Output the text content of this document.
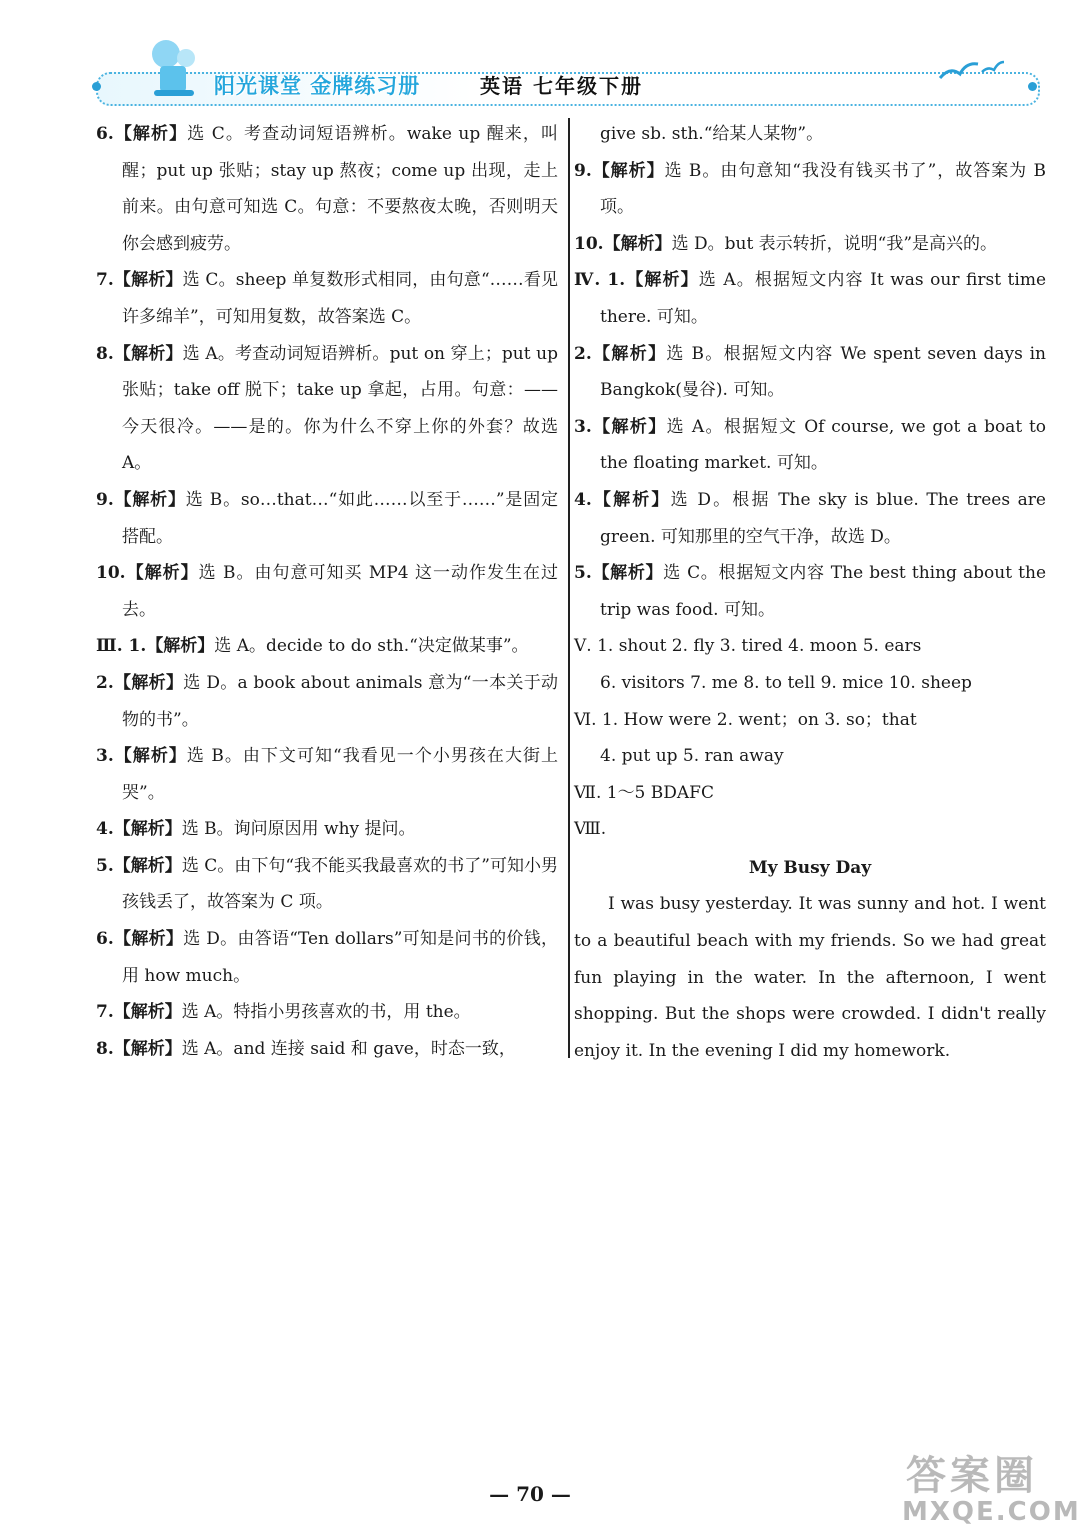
阳光课堂 金牌练习册	英语 七年级下册

6.【解析】选 C。考查动词短语辨析。wake up 醒来，叫醒；put up 张贴；stay up 熬夜；come up 出现，走上前来。由句意可知选 C。句意：不要熬夜太晚，否则明天你会感到疲劳。

7.【解析】选 C。sheep 单复数形式相同，由句意“……看见许多绵羊”，可知用复数，故答案选 C。

8.【解析】选 A。考查动词短语辨析。put on 穿上；put up 张贴；take off 脱下；take up 拿起，占用。句意：——今天很冷。——是的。你为什么不穿上你的外套？故选 A。

9.【解析】选 B。so…that…“如此……以至于……”是固定搭配。

10.【解析】选 B。由句意可知买 MP4 这一动作发生在过去。

Ⅲ. 1.【解析】选 A。decide to do sth.“决定做某事”。

2.【解析】选 D。a book about animals 意为“一本关于动物的书”。

3.【解析】选 B。由下文可知“我看见一个小男孩在大街上哭”。

4.【解析】选 B。询问原因用 why 提问。

5.【解析】选 C。由下句“我不能买我最喜欢的书了”可知小男孩钱丢了，故答案为 C 项。

6.【解析】选 D。由答语“Ten dollars”可知是问书的价钱，用 how much。

7.【解析】选 A。特指小男孩喜欢的书，用 the。

8.【解析】选 A。and 连接 said 和 gave，时态一致，

give sb. sth.“给某人某物”。

9.【解析】选 B。由句意知“我没有钱买书了”，故答案为 B 项。

10.【解析】选 D。but 表示转折，说明“我”是高兴的。

Ⅳ. 1.【解析】选 A。根据短文内容 It was our first time there. 可知。

2.【解析】选 B。根据短文内容 We spent seven days in Bangkok(曼谷). 可知。

3.【解析】选 A。根据短文 Of course, we got a boat to the floating market. 可知。

4.【解析】选 D。根据 The sky is blue. The trees are green. 可知那里的空气干净，故选 D。

5.【解析】选 C。根据短文内容 The best thing about the trip was food. 可知。

Ⅴ. 1. shout 2. fly 3. tired 4. moon 5. ears

6. visitors 7. me 8. to tell 9. mice 10. sheep

Ⅵ. 1. How were 2. went；on 3. so；that

4. put up 5. ran away

Ⅶ. 1～5 BDAFC

Ⅷ.

My Busy Day

I was busy yesterday. It was sunny and hot. I went to a beautiful beach with my friends. So we had great fun playing in the water. In the afternoon, I went shopping. But the shops were crowded. I didn't really enjoy it. In the evening I did my homework.

— 70 —	答案圈
MXQE.COM
